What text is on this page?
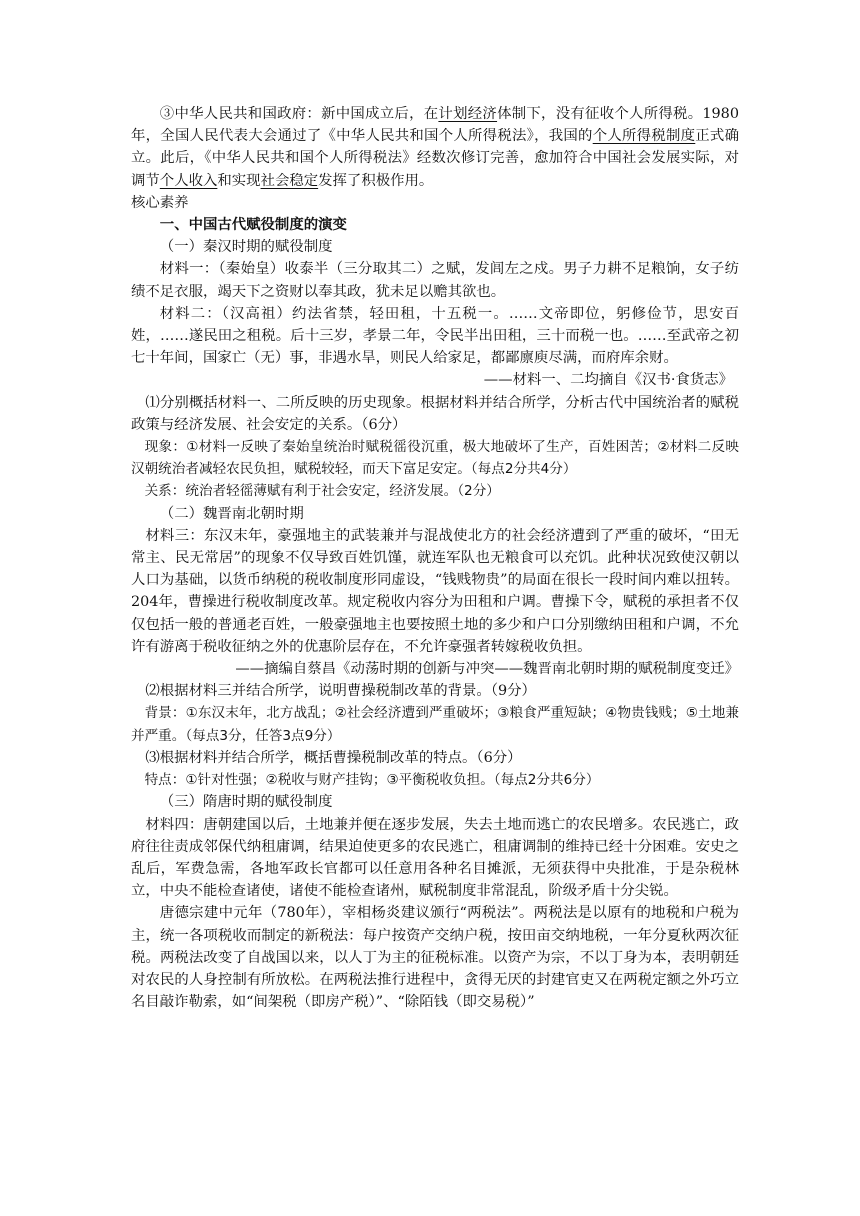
③中华人民共和国政府：新中国成立后，在计划经济体制下，没有征收个人所得税。1980年，全国人民代表大会通过了《中华人民共和国个人所得税法》，我国的个人所得税制度正式确立。此后，《中华人民共和国个人所得税法》经数次修订完善，愈加符合中国社会发展实际，对调节个人收入和实现社会稳定发挥了积极作用。

核心素养

一、中国古代赋役制度的演变

（一）秦汉时期的赋役制度

材料一：（秦始皇）收泰半（三分取其二）之赋，发闾左之戍。男子力耕不足粮饷，女子纺绩不足衣服，竭天下之资财以奉其政，犹未足以赡其欲也。

材料二：（汉高祖）约法省禁，轻田租，十五税一。……文帝即位，躬修俭节，思安百姓，……遂民田之租税。后十三岁，孝景二年，令民半出田租，三十而税一也。……至武帝之初七十年间，国家亡（无）事，非遇水旱，则民人给家足，都鄙廪庾尽满，而府库余财。

——材料一、二均摘自《汉书·食货志》

⑴分别概括材料一、二所反映的历史现象。根据材料并结合所学，分析古代中国统治者的赋税政策与经济发展、社会安定的关系。（6分）

现象：①材料一反映了秦始皇统治时赋税徭役沉重，极大地破坏了生产，百姓困苦；②材料二反映汉朝统治者减轻农民负担，赋税较轻，而天下富足安定。（每点2分共4分）

关系：统治者轻徭薄赋有利于社会安定，经济发展。（2分）

（二）魏晋南北朝时期

材料三：东汉末年，豪强地主的武装兼并与混战使北方的社会经济遭到了严重的破坏，“田无常主、民无常居”的现象不仅导致百姓饥馑，就连军队也无粮食可以充饥。此种状况致使汉朝以人口为基础，以货币纳税的税收制度形同虚设，“钱贱物贵”的局面在很长一段时间内难以扭转。204年，曹操进行税收制度改革。规定税收内容分为田租和户调。曹操下令，赋税的承担者不仅仅包括一般的普通老百姓，一般豪强地主也要按照土地的多少和户口分别缴纳田租和户调，不允许有游离于税收征纳之外的优惠阶层存在，不允许豪强者转嫁税收负担。

——摘编自蔡昌《动荡时期的创新与冲突——魏晋南北朝时期的赋税制度变迁》

⑵根据材料三并结合所学，说明曹操税制改革的背景。（9分）

背景：①东汉末年，北方战乱；②社会经济遭到严重破坏；③粮食严重短缺；④物贵钱贱；⑤土地兼并严重。（每点3分，任答3点9分）

⑶根据材料并结合所学，概括曹操税制改革的特点。（6分）

特点：①针对性强；②税收与财产挂钩；③平衡税收负担。（每点2分共6分）

（三）隋唐时期的赋役制度

材料四：唐朝建国以后，土地兼并便在逐步发展，失去土地而逃亡的农民增多。农民逃亡，政府往往责成邻保代纳租庸调，结果迫使更多的农民逃亡，租庸调制的维持已经十分困难。安史之乱后，军费急需，各地军政长官都可以任意用各种名目摊派，无须获得中央批准，于是杂税林立，中央不能检查诸使，诸使不能检查诸州，赋税制度非常混乱，阶级矛盾十分尖锐。

唐德宗建中元年（780年），宰相杨炎建议颁行“两税法”。两税法是以原有的地税和户税为主，统一各项税收而制定的新税法：每户按资产交纳户税，按田亩交纳地税，一年分夏秋两次征税。两税法改变了自战国以来，以人丁为主的征税标准。以资产为宗，不以丁身为本，表明朝廷对农民的人身控制有所放松。在两税法推行进程中，贪得无厌的封建官吏又在两税定额之外巧立名目敲诈勒索，如“间架税（即房产税）”、“除陌钱（即交易税）”
